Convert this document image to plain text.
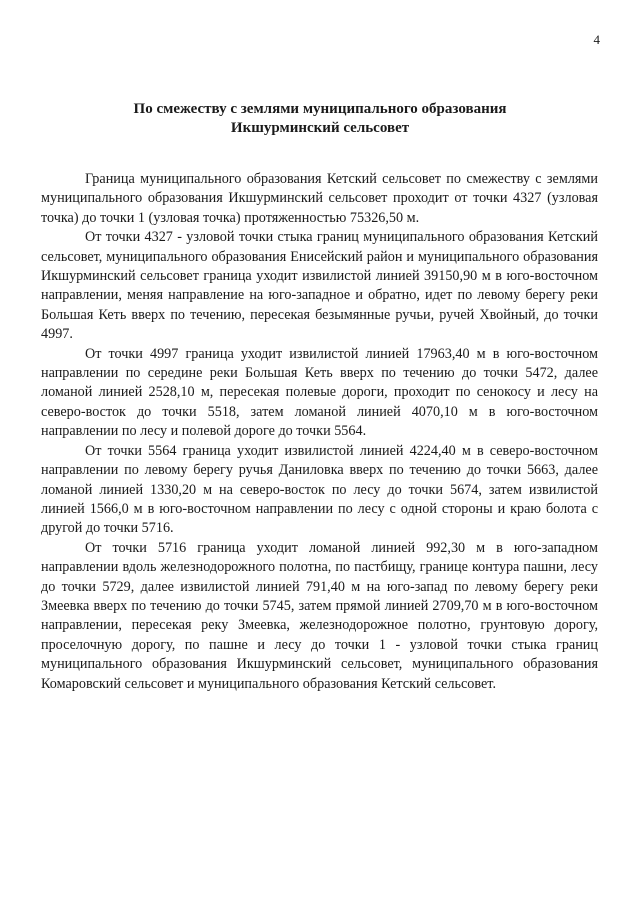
4
По смежеству с землями муниципального образования
Икшурминский сельсовет

Граница муниципального образования Кетский сельсовет по смежеству с землями муниципального образования Икшурминский сельсовет проходит от точки 4327 (узловая точка) до точки 1 (узловая точка) протяженностью 75326,50 м.

От точки 4327 - узловой точки стыка границ муниципального образования Кетский сельсовет, муниципального образования Енисейский район и муниципального образования Икшурминский сельсовет граница уходит извилистой линией 39150,90 м в юго-восточном направлении, меняя направление на юго-западное и обратно, идет по левому берегу реки Большая Кеть вверх по течению, пересекая безымянные ручьи, ручей Хвойный, до точки 4997.

От точки 4997 граница уходит извилистой линией 17963,40 м в юго-восточном направлении по середине реки Большая Кеть вверх по течению до точки 5472, далее ломаной линией 2528,10 м, пересекая полевые дороги, проходит по сенокосу и лесу на северо-восток до точки 5518, затем ломаной линией 4070,10 м в юго-восточном направлении по лесу и полевой дороге до точки 5564.

От точки 5564 граница уходит извилистой линией 4224,40 м в северо-восточном направлении по левому берегу ручья Даниловка вверх по течению до точки 5663, далее ломаной линией 1330,20 м на северо-восток по лесу до точки 5674, затем извилистой линией 1566,0 м в юго-восточном направлении по лесу с одной стороны и краю болота с другой до точки 5716.

От точки 5716 граница уходит ломаной линией 992,30 м в юго-западном направлении вдоль железнодорожного полотна, по пастбищу, границе контура пашни, лесу до точки 5729, далее извилистой линией 791,40 м на юго-запад по левому берегу реки Змеевка вверх по течению до точки 5745, затем прямой линией 2709,70 м в юго-восточном направлении, пересекая реку Змеевка, железнодорожное полотно, грунтовую дорогу, проселочную дорогу, по пашне и лесу до точки 1 - узловой точки стыка границ муниципального образования Икшурминский сельсовет, муниципального образования Комаровский сельсовет и муниципального образования Кетский сельсовет.
